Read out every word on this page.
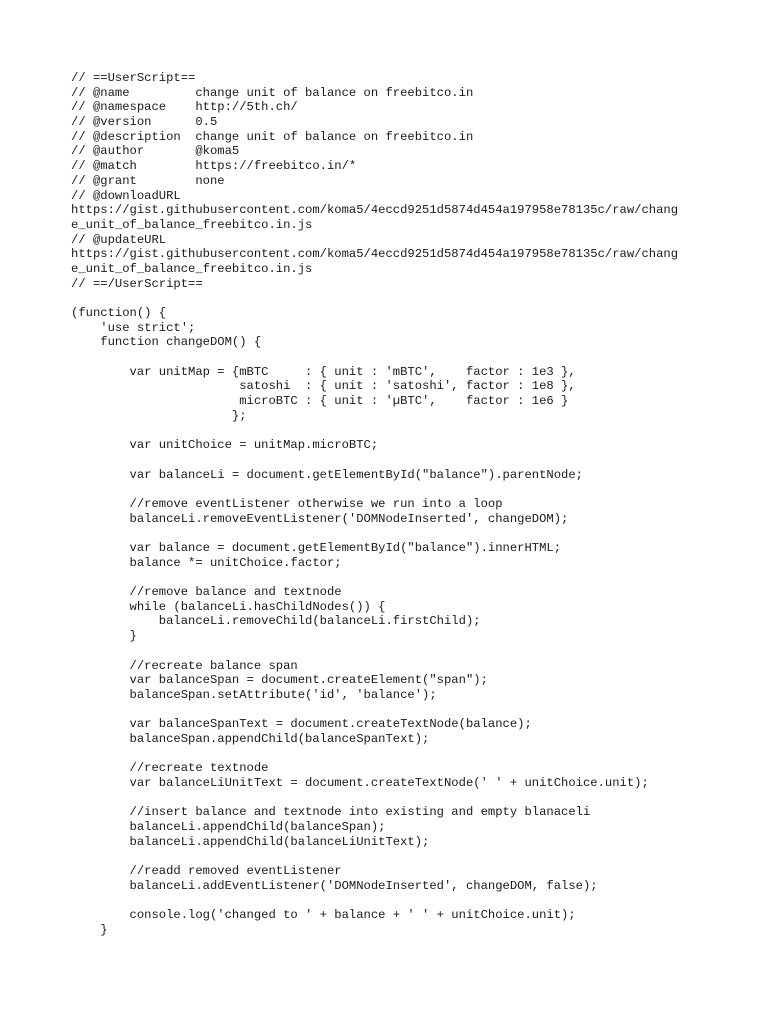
// ==UserScript==
// @name         change unit of balance on freebitco.in
// @namespace    http://5th.ch/
// @version      0.5
// @description  change unit of balance on freebitco.in
// @author       @koma5
// @match        https://freebitco.in/*
// @grant        none
// @downloadURL
https://gist.githubusercontent.com/koma5/4eccd9251d5874d454a197958e78135c/raw/chang
e_unit_of_balance_freebitco.in.js
// @updateURL
https://gist.githubusercontent.com/koma5/4eccd9251d5874d454a197958e78135c/raw/chang
e_unit_of_balance_freebitco.in.js
// ==/UserScript==
(function() {
'use strict';
function changeDOM() {
var unitMap = {mBTC     : { unit : 'mBTC',    factor : 1e3 },
satoshi  : { unit : 'satoshi', factor : 1e8 },
microBTC : { unit : 'µBTC',    factor : 1e6 }
};
var unitChoice = unitMap.microBTC;
var balanceLi = document.getElementById("balance").parentNode;
//remove eventListener otherwise we run into a loop
balanceLi.removeEventListener('DOMNodeInserted', changeDOM);
var balance = document.getElementById("balance").innerHTML;
balance *= unitChoice.factor;
//remove balance and textnode
while (balanceLi.hasChildNodes()) {
balanceLi.removeChild(balanceLi.firstChild);
}
//recreate balance span
var balanceSpan = document.createElement("span");
balanceSpan.setAttribute('id', 'balance');
var balanceSpanText = document.createTextNode(balance);
balanceSpan.appendChild(balanceSpanText);
//recreate textnode
var balanceLiUnitText = document.createTextNode(' ' + unitChoice.unit);
//insert balance and textnode into existing and empty blanaceli
balanceLi.appendChild(balanceSpan);
balanceLi.appendChild(balanceLiUnitText);
//readd removed eventListener
balanceLi.addEventListener('DOMNodeInserted', changeDOM, false);
console.log('changed to ' + balance + ' ' + unitChoice.unit);
}
